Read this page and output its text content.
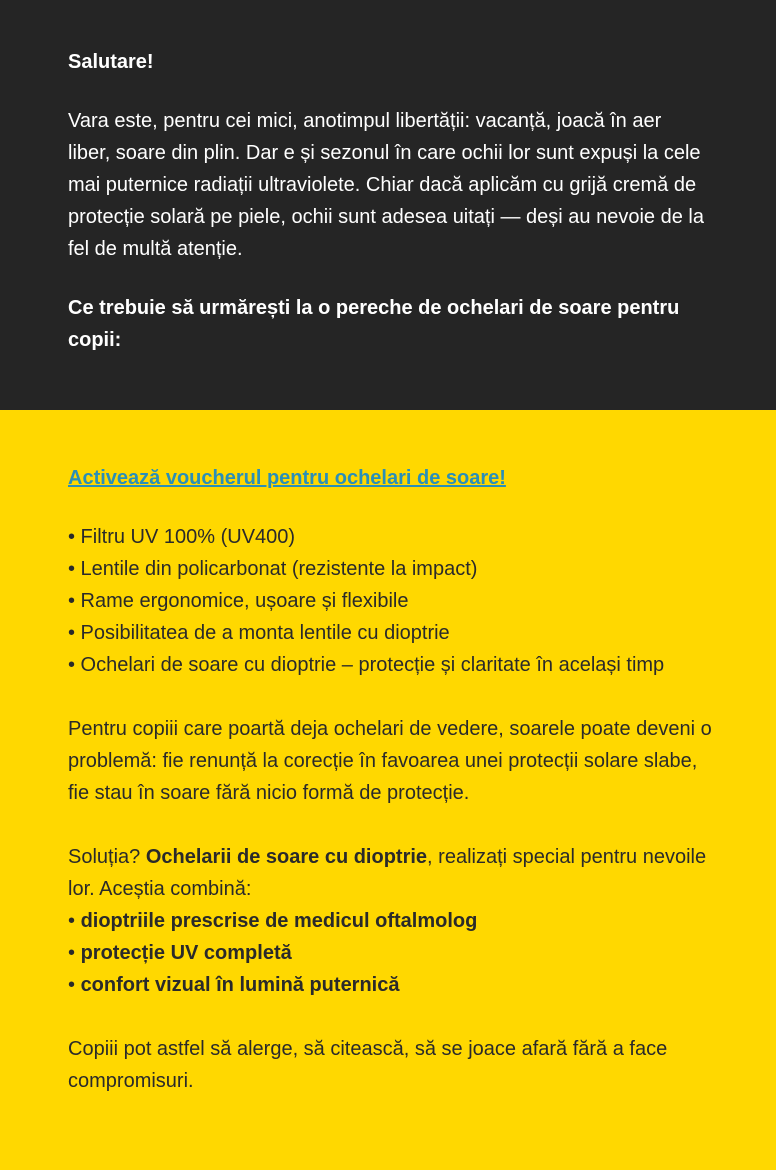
Salutare!

Vara este, pentru cei mici, anotimpul libertății: vacanță, joacă în aer liber, soare din plin. Dar e și sezonul în care ochii lor sunt expuși la cele mai puternice radiații ultraviolete. Chiar dacă aplicăm cu grijă cremă de protecție solară pe piele, ochii sunt adesea uitați — deși au nevoie de la fel de multă atenție.

Ce trebuie să urmărești la o pereche de ochelari de soare pentru copii:

Activează voucherul pentru ochelari de soare!
• Filtru UV 100% (UV400)
• Lentile din policarbonat (rezistente la impact)
• Rame ergonomice, ușoare și flexibile
• Posibilitatea de a monta lentile cu dioptrie
• Ochelari de soare cu dioptrie – protecție și claritate în același timp

Pentru copiii care poartă deja ochelari de vedere, soarele poate deveni o problemă: fie renunță la corecție în favoarea unei protecții solare slabe, fie stau în soare fără nicio formă de protecție.

Soluția? Ochelarii de soare cu dioptrie, realizați special pentru nevoile lor. Aceștia combină:

• dioptriile prescrise de medicul oftalmolog
• protecție UV completă
• confort vizual în lumină puternică

Copiii pot astfel să alerge, să citească, să se joace afară fără a face compromisuri.
